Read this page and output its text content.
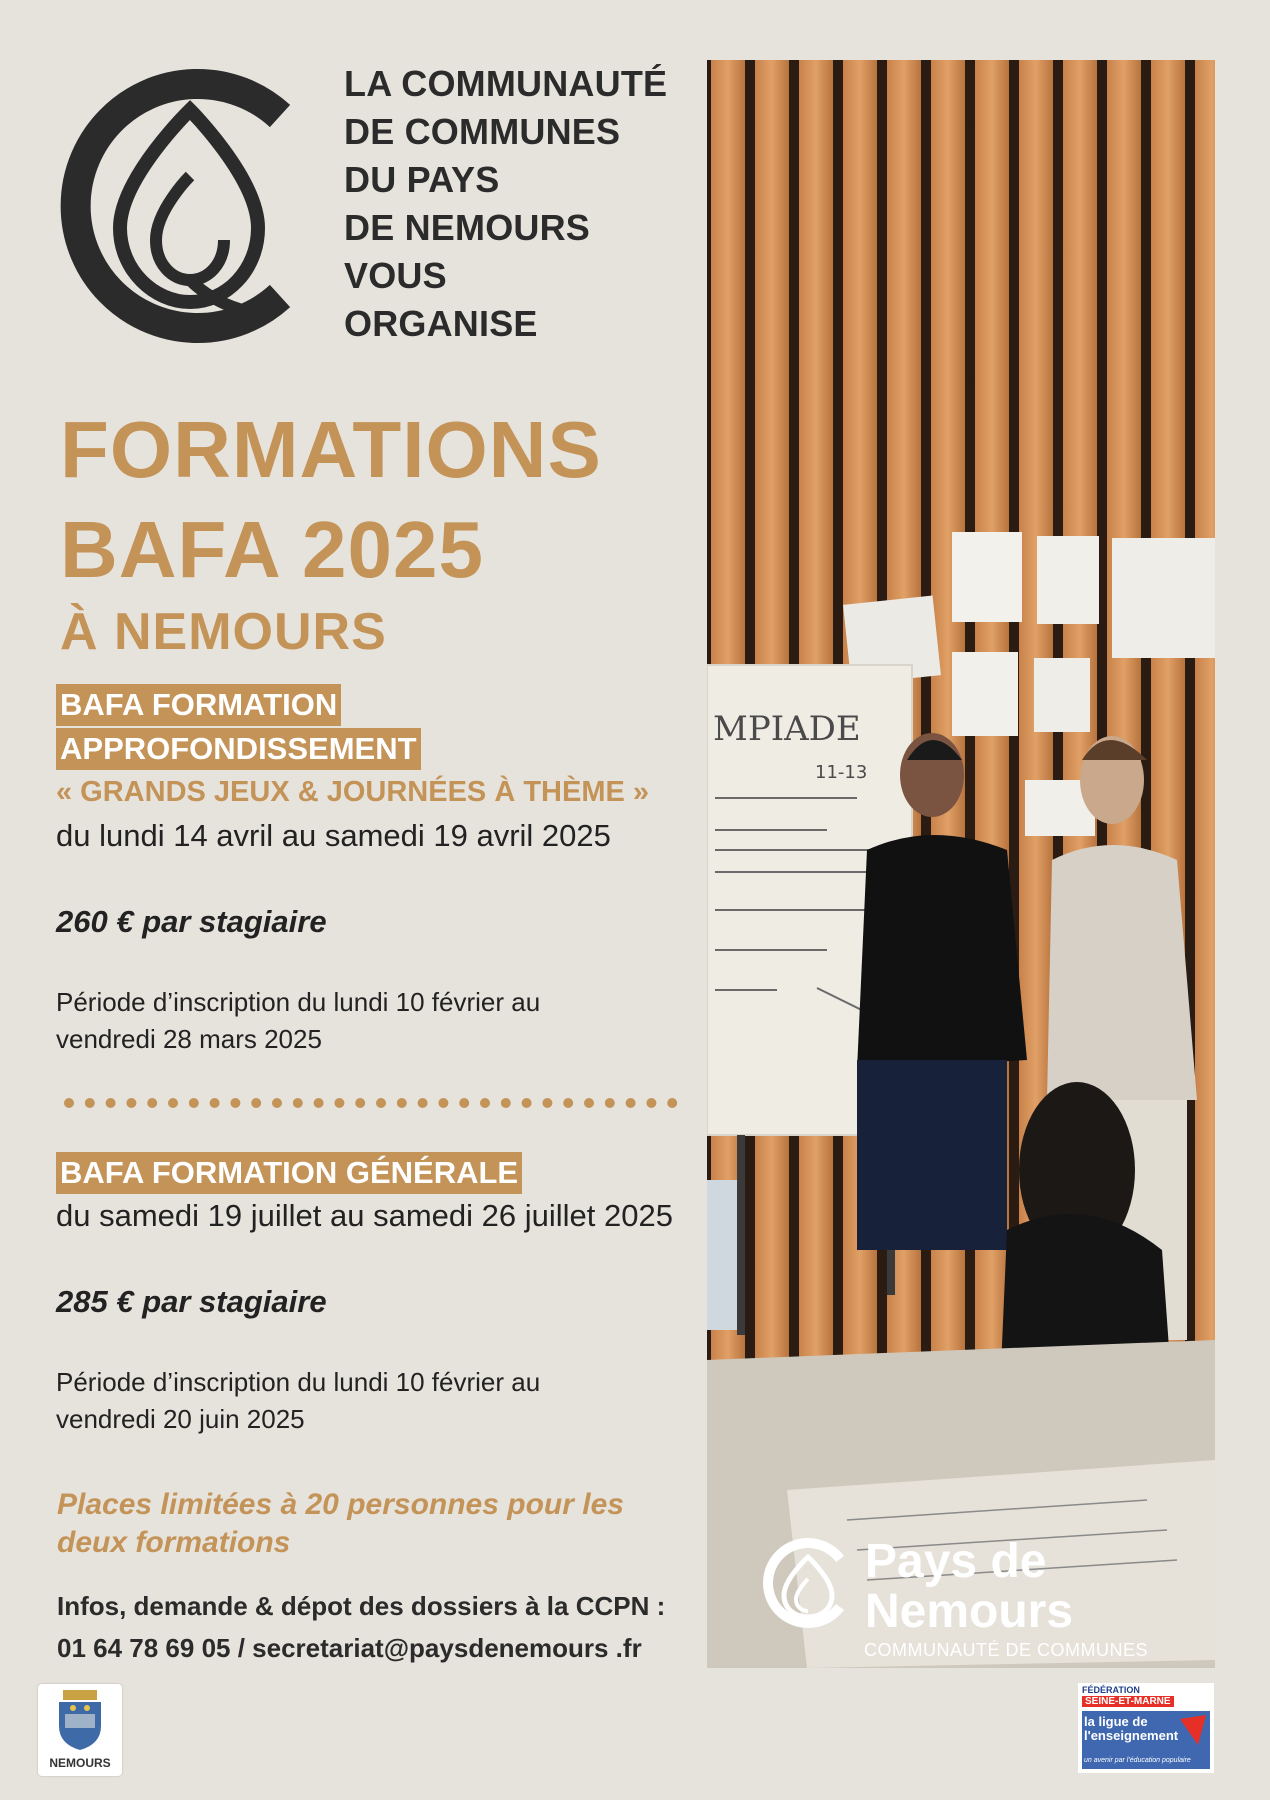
LA COMMUNAUTÉ
DE COMMUNES
DU PAYS
DE NEMOURS
VOUS
ORGANISE
FORMATIONS
BAFA 2025
À NEMOURS
BAFA FORMATION
APPROFONDISSEMENT
« GRANDS JEUX & JOURNÉES À THÈME »
du lundi 14 avril au samedi 19 avril 2025
260 € par stagiaire
Période d’inscription du lundi 10 février au
vendredi 28 mars 2025
BAFA FORMATION GÉNÉRALE
du samedi 19 juillet au samedi 26 juillet 2025
285 € par stagiaire
Période d’inscription du lundi 10 février au
vendredi 20 juin 2025
Places limitées à 20 personnes pour les
deux formations
Infos, demande & dépot des dossiers à la CCPN :
01 64 78 69 05 / secretariat@paysdenemours .fr
MPIADE
11-13
Pays de
Nemours
COMMUNAUTÉ DE COMMUNES
NEMOURS
FÉDÉRATION
SEINE-ET-MARNE
la ligue de
l'enseignement
un avenir par l'éducation populaire
